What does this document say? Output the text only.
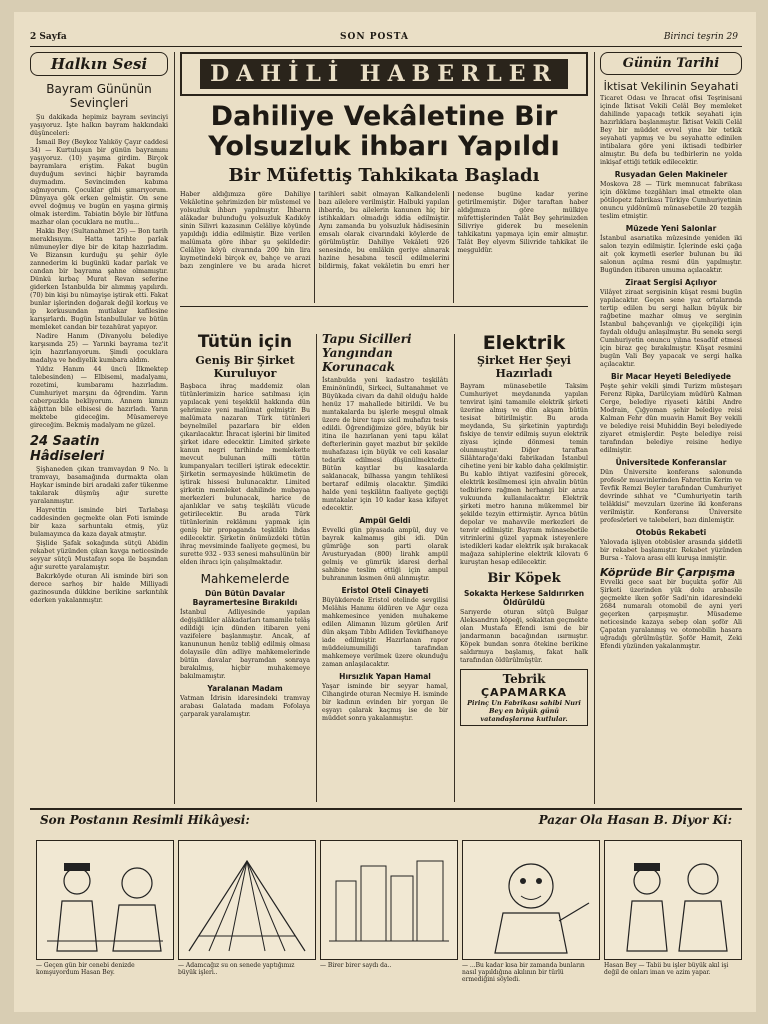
2 Sayfa	SON POSTA	Birinci teşrin 29
Halkın Sesi
Bayram Gününün Sevinçleri

Şu dakikada hepimiz bayram sevinciyi yaşıyoruz. İşte halkın bayram hakkındaki düşünceleri:

İsmail Bey (Beykoz Yalıköy Çayır caddesi 34) — Kurtuluşun bir günün bayramını yaşıyoruz. (10) yaşıma girdim. Birçok bayramlara eriştim. Fakat bugün duyduğum sevinci hiçbir bayramda duymadım. Sevincimden kabıma sığmıyorum. Çocuklar gibi şımarıyorum. Dünyaya gök erken gelmiştir. On sene evvel doğmuş ve bugün en yaşına girmiş olmak isterdim. Tabiatin böyle bir lütfuna mazhar olan çocuklara ne mutlu...

Hakkı Bey (Sultanahmet 25) — Bon tarih meraklısıyım. Hatta tarihte parlak nümuneyler diye bir de kitap hazırladım. Ve Bizansın kurduğu şu şehir öyle zannederim ki bugünkü kadar parlak ve candan bir bayrama şahne olmamıştır. Dünkü kırbaç Murat Revan seferine giderken İstanbulda bir alımmış yapılırdı. (70) bin kişi bu nümayişe iştirak etti. Fakat bunlar işlerinden doğarak değil korkuş ve ip korkusundan mutlakar kafilesine karışırlardı. Bugün İstanbullular ve bütün memleket candan bir tezahürat yapıyor.

Nadire Hanım (Divanyolu belediye karşısında 25) — Yarınki bayrama tez'it için hazırlanıyorum. Şimdi çocuklara madalya ve hediyelik kumbara aldım.

Yıldız Hanım 44 üncü İlkmektep talebesinden) — Elbisemi, madalyamı, rozetimi, kumbaramı hazırladım. Cumhuriyet marşını da öğrendim. Yarın caberpuzkla bekliyorum. Annem kımızı kâğıttan bile elbisesi de hazırladı. Yarın mektebe gideceğim. Müsamereye gireceğim. Bekmiş madalyam ne güzel.

24 Saatin Hâdiseleri

Şişhaneden çıkan tramvaydan 9 No. lı tramvayı, basamağında durmakta olan Haykar isminde biri aradaki zafer tükenme takılarak düşmüş ağır surette yaralanmıştır.

Hayrettin isminde biri Tarlabaşı caddesinden geçmekte olan Foti isminde bir kaza sarhuntakı etmiş, yüz bulamayınca da kaza dayak atmıştır.

Şişlide Şafak sokağında sütçü Abidin rekabet yüzünden çıkan kavga neticesinde seyyar sütçü Mustafayı sopa ile başından ağır surette yaralamıştır.

Bakırköyde oturan Ali isminde biri son derece sarhoş bir halde Milliyadi gazinosunda dükkine berikine sarkıntılık ederken yakalanmıştır.

DAHİLİ HABERLER
Dahiliye Vekâletine Bir
Yolsuzluk ihbarı Yapıldı
Bir Müfettiş Tahkikata Başladı
Haber aldığımıza göre Dahiliye Vekâletine şehrimizden bir müstemel ve yolsuzluk ihbarı yapılmıştır. İhbarın alâkadar bulunduğu yolsuzluk Kadıköy sinin Silivri kazasının Celâliye köyünde yapıldığı iddia edilmiştir. Bize verilen malûmata göre ihbar şu şekildedir: Celâliye köyü civarında 200 bin lira kıymetindeki birçok ev, bahçe ve arazi bazı zenginlere ve bu arada hicret tarihleri sabit olmayan Kalkandelenli bazı ailelere verilmiştir. Halbuki yapılan ihbarda, bu ailelerin kanunen hiç bir istihkakları olmadığı iddia edilmiştir. Aynı zamanda bu yolsuzluk hâdisesinin emsalı olarak civarındaki köylerde de görülmüştür. Dahiliye Vekâleti 926 senesinde, bu emlâkin geriye alınarak hazine hesabına tescil edilmelerini bildirmiş, fakat vekâletin bu emri her nedense bugüne kadar yerine getirilmemiştir. Diğer taraftan haber aldığımıza göre mülkiye müfettişlerinden Talât Bey şehrimizden Silivriye giderek bu meselenin tahkikatını yapmaya için emir almıştır. Talât Bey elyevm Silivride tahkikat ile meşguldür.
Tütün için
Geniş Bir Şirket Kuruluyor
Başbaca ihraç maddemiz olan tütünlerimizin harice satılması için yapılacak yeni teşekkül hakkında dün şehrimize yeni malûmat gelmiştir. Bu malûmata nazaran Türk tütünleri beynelmilel pazarlara bir elden çıkarılacaktır. İhracat işlerini bir limited şirket idare edecektir. Limited şirkete kanun negri tarihinde memlekette mevcut bulunan milli tütün kumpanyaları tecilleri iştirak edecektir. Şirketin sermayesinde hükümetin de iştirak hissesi bulunacaktır. Limited şirketin memleket dahilinde mubayaa merkezleri bulunacak, harice de ajanlıklar ve satış teşkilâtı vücude getirilecektir. Bu arada Türk tütünlerinin reklâmını yapmak için geniş bir propaganda teşkilâtı ihdas edilecektir. Şirketin önümüzdeki tütün ihraç mevsiminde faaliyete geçmesi, bu surette 932 - 933 senesi mahsulünün bir elden ihracı için çalışılmaktadır.
Mahkemelerde
Dün Bütün Davalar Bayramertesine Bırakıldı
İstanbul Adliyesinde yapılan değişiklikler alâkadarları tamamile telâş edildiği için dünden itibaren yeni vazifelere başlanmıştır. Ancak, af kanununun henüz tebliğ edilmiş olması dolayısile dün adliye mahkemelerinde bütün davalar bayramdan sonraya bırakılmış, hiçbir muhakemeye bakılmamıştır.
Yaralanan Madam
Vatman İdrisin idaresindeki tramvay arabası Galatada madam Fofolaya çarparak yaralamıştır.
Tapu Sicilleri Yangından
Korunacak
İstanbulda yeni kadastro teşkilâtı Eminönündü, Sirkeci, Sultanahmet ve Büyükada civarı da dahil olduğu halde henüz 17 mahallede bitirildi. Ve bu mıntakalarda bu işlerle meşgul olmak üzere de birer tapu sicil muhafızı tesis edildi. Öğrendiğimize göre, büyük bir itina ile hazırlanan yeni tapu kâlat defterlerinin gayet mazbut bir şekilde muhafazası için büyük ve celi kasalar tedarik edilmesi düşünülmektedir. Bütün kayıtlar bu kasalarda saklanacak, bilhassa yangın tehlikesi bertaraf edilmiş olacaktır. Şimdiki halde yeni teşkilâtın faaliyete geçtiği mıntakalar için 10 kadar kasa kifayet edecektir.
Ampül Geldi
Evvelki gün piyasada ampül, duy ve bayrak kalmamış gibi idi. Dün gümrüğe son parti olarak Avusturyadan (800) lirahk ampül gelmiş ve gümrük idaresi derhal sahibine teslim ettiği için ampul buhranının kısmen önü alınmıştır.
Eristol Oteli Cinayeti
Büyükderede Eristol otelinde sevgilisi Melâhis Hanımı öldüren ve Ağır ceza mahkemesince yeniden muhakeme edilen Alimanın lüzum görülen Arif dün akşam Tıbbı Adliden Tevkifhaneye iade edilmiştir. Hazırlanan rapor müddeiumumiliği tarafından mahkemeye verilmek üzere okunduğu zaman anlaşılacaktır.
Hırsızlık Yapan Hamal
Yaşar isminde bir seyyar hamal, Cihangirde oturan Necmiye H. isminde bir kadının evinden bir yorgan ile eşyayı çalarak kaçmış ise de bir müddet sonra yakalanmıştır.
Elektrik
Şirket Her Şeyi Hazırladı
Bayram münasebetile Taksim Cumhuriyet meydanında yapılan tenvirat işini tamamile elektrik şirketi üzerine almış ve dün akşam bütün tesisat bitirilmiştir. Bu arada meydanda, Su şirketinin yaptırdığı fıskiye de tenvir edilmiş suyun elektrik ziyası içinde dönmesi temin olunmuştur. Diğer taraftan Silâhtarağa'daki fabrikadan İstanbul cihetine yeni bir kablo daha çekilmiştir. Bu kablo ihtiyat vazifesini görecek, elektrik kesilmemesi için ahvalin bütün tedbirlere rağmen herhangi bir arıza vukuunda kullanılacaktır. Elektrik şirketi metro hanına mükemmel bir şekilde tezyin ettirmiştir. Ayrıca bütün depolar ve mahavvile merkezleri de tenvir edilmiştir. Bayram münasebetile vitrinlerini güzel yapmak isteyenlere istedikleri kadar elektrik ışık bırakacak mağaza sahiplerine elektrik kilovatı 6 kuruştan hesap edilecektir.
Bir Köpek
Sokakta Herkese Saldırırken Öldürüldü
Sarıyerde oturan sütçü Bulgar Aleksandrın köpeği, sokaktan geçmekte olan Mustafa Efendi ismi de bir jandarmanın bacağından ısırmıştır. Köpek bundan sonra ötekine berikine saldırmıya başlamış, fakat halk tarafından öldürülmüştür.
Tebrik
ÇAPAMARKA
Pirinç Un Fabrikası sahibi Nuri Bey en büyük günü vatandaşlarına kutlular.
Günün Tarihi
İktisat Vekilinin Seyahati
Ticaret Odası ve İhracat ofisi Teşrinisani içinde İktisat Vekili Celâl Bey memleket dahilinde yapacağı tetkik seyahati için hazırlıklara başlanmıştır. İktisat Vekili Celâl Bey bir müddet evvel yine bir tetkik seyahati yapmış ve bu seyahatte edinilen intibalara göre yeni iktisadi tedbirler almıştır. Bu defa bu tedbirlerin ne yolda inkişaf ettiği tetkik edilecektir.
Rusyadan Gelen Makineler
Moskova 28 — Türk memnucat fabrikası için döküme tezgâhları imal etmekte olan pötilopetz fabrikası Türkiye Cumhuriyetinin onuncu yıldönümü münasebetile 20 tezgâh teslim etmiştir.
Müzede Yeni Salonlar
İstanbul asarıatika müzesinde yeniden iki salon tezyin edilmiştir. İçlerinde eski çağa ait çok kıymetli eserler bulunan bu iki salonun açılma resmi dün yapılmıştır. Bugünden itibaren umuma açılacaktır.
Ziraat Sergisi Açılıyor
Vilâyet ziraat sergisinin küşat resmi bugün yapılacaktır. Geçen sene yaz ortalarında tertip edilen bu sergi halkın büyük bir rağbetine mazhar olmuş ve serginin İstanbul bahçevanlığı ve çiçekçiliği için faydalı olduğu anlaşılmıştır. Bu senekı sergi Cumhuriyetin onuncu yılına tesadüf etmesi için biraz geç bırakılmıştır. Küşat resmini bugün Vali Bey yapacak ve sergi halka açılacaktır.
Bir Macar Heyeti Belediyede
Peşte şehir vekili şimdi Turizm müsteşarı Ferenz Ripka, Darülcyiam müdürü Kalman Cerge, belediye riyaseti kâtibi Andre Modrain, Çığyoman şehir belediye reisi Kalman Fehr dün muavin Hamit Bey vekili ve belediye reisi Muhiddin Beyi belediyede ziyaret etmişlerdir. Peşte belediye reisi tarafından belediye reisine hediye edilmiştir.
Üniversitede Konferanslar
Dün Üniversite konferans salonunda profesör muavinlerinden Fahrettin Kerim ve Tevfik Remzi Beyler tarafından Cumhuriyet devrinde sıhhat ve "Cumhuriyetin tarih telâkkisi" mevzuları üzerine iki konferans verilmiştir. Konferansı Üniversite profesörleri ve talebeleri, bazı dinlemiştir.
Otobüs Rekabeti
Yalovada işliyen otobüsler arasında şiddetli bir rekabet başlamıştır. Rekabet yüzünden Bursa - Yalova arası elli kuruşa inmiştir.
Köprüde Bir Çarpışma
Evvelki gece saat bir buçukta şoför Ali Şirketi üzerinden yük dolu arabasile geçmekte iken şoför Sadi'nin idaresindeki 2684 numaralı otomobil de ayni yeri geçerken çarpışmıştır. Müsademe neticesinde kazaya sebep olan şoför Ali Çapatan yaralanmış ve otomobilin hasara uğradığı görülmüştür. Şoför Hamit, Zeki Efendi yüzünden yakalanmıştır.
Son Postanın Resimli Hikâyesi:	Pazar Ola Hasan B. Diyor Ki:
— Geçen gün bir cenebi denizde komşuyordum Hasan Bey.
— Adamcağız su on senede yaptığımız büyük işleri..
— Birer birer saydı da..	— ...Bu kadar kısa bir zamanda bunların nasıl yapıldığına akılının bir türlü ermediğini söyledi.
Hasan Bey — Tabii bu işler büyük akıl işi değil de onları iman ve azim yapar.
